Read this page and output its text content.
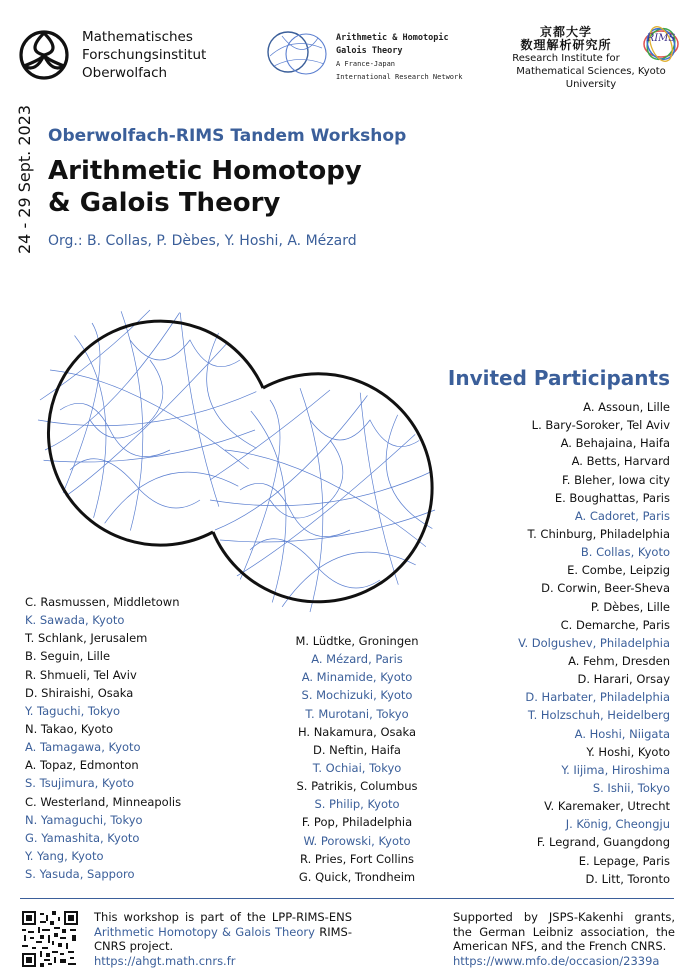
Mathematisches
Forschungsinstitut
Oberwolfach
Arithmetic & Homotopic
Galois Theory
A France-Japan
International Research Network
京都大学
数理解析研究所
Research Institute for
Mathematical Sciences, Kyoto University
RIMS
24 - 29 Sept. 2023 Oberwolfach-RIMS Tandem Workshop
Arithmetic Homotopy
& Galois Theory
Org.: B. Collas, P. Dèbes, Y. Hoshi, A. Mézard
Invited Participants
C. Rasmussen, Middletown
K. Sawada, Kyoto
T. Schlank, Jerusalem
B. Seguin, Lille
R. Shmueli, Tel Aviv
D. Shiraishi, Osaka
Y. Taguchi, Tokyo
N. Takao, Kyoto
A. Tamagawa, Kyoto
A. Topaz, Edmonton
S. Tsujimura, Kyoto
C. Westerland, Minneapolis
N. Yamaguchi, Tokyo
G. Yamashita, Kyoto
Y. Yang, Kyoto
S. Yasuda, Sapporo
M. Lüdtke, Groningen
A. Mézard, Paris
A. Minamide, Kyoto
S. Mochizuki, Kyoto
T. Murotani, Tokyo
H. Nakamura, Osaka
D. Neftin, Haifa
T. Ochiai, Tokyo
S. Patrikis, Columbus
S. Philip, Kyoto
F. Pop, Philadelphia
W. Porowski, Kyoto
R. Pries, Fort Collins
G. Quick, Trondheim
A. Assoun, Lille
L. Bary-Soroker, Tel Aviv
A. Behajaina, Haifa
A. Betts, Harvard
F. Bleher, Iowa city
E. Boughattas, Paris
A. Cadoret, Paris
T. Chinburg, Philadelphia
B. Collas, Kyoto
E. Combe, Leipzig
D. Corwin, Beer-Sheva
P. Dèbes, Lille
C. Demarche, Paris
V. Dolgushev, Philadelphia
A. Fehm, Dresden
D. Harari, Orsay
D. Harbater, Philadelphia
T. Holzschuh, Heidelberg
A. Hoshi, Niigata
Y. Hoshi, Kyoto
Y. Iijima, Hiroshima
S. Ishii, Tokyo
V. Karemaker, Utrecht
J. König, Cheongju
F. Legrand, Guangdong
E. Lepage, Paris
D. Litt, Toronto
This workshop is part of the LPP-RIMS-ENS Arithmetic Homotopy & Galois Theory RIMS-CNRS project.
https://ahgt.math.cnrs.fr
Supported by JSPS-Kakenhi grants, the German Leibniz association, the American NFS, and the French CNRS.
https://www.mfo.de/occasion/2339a
